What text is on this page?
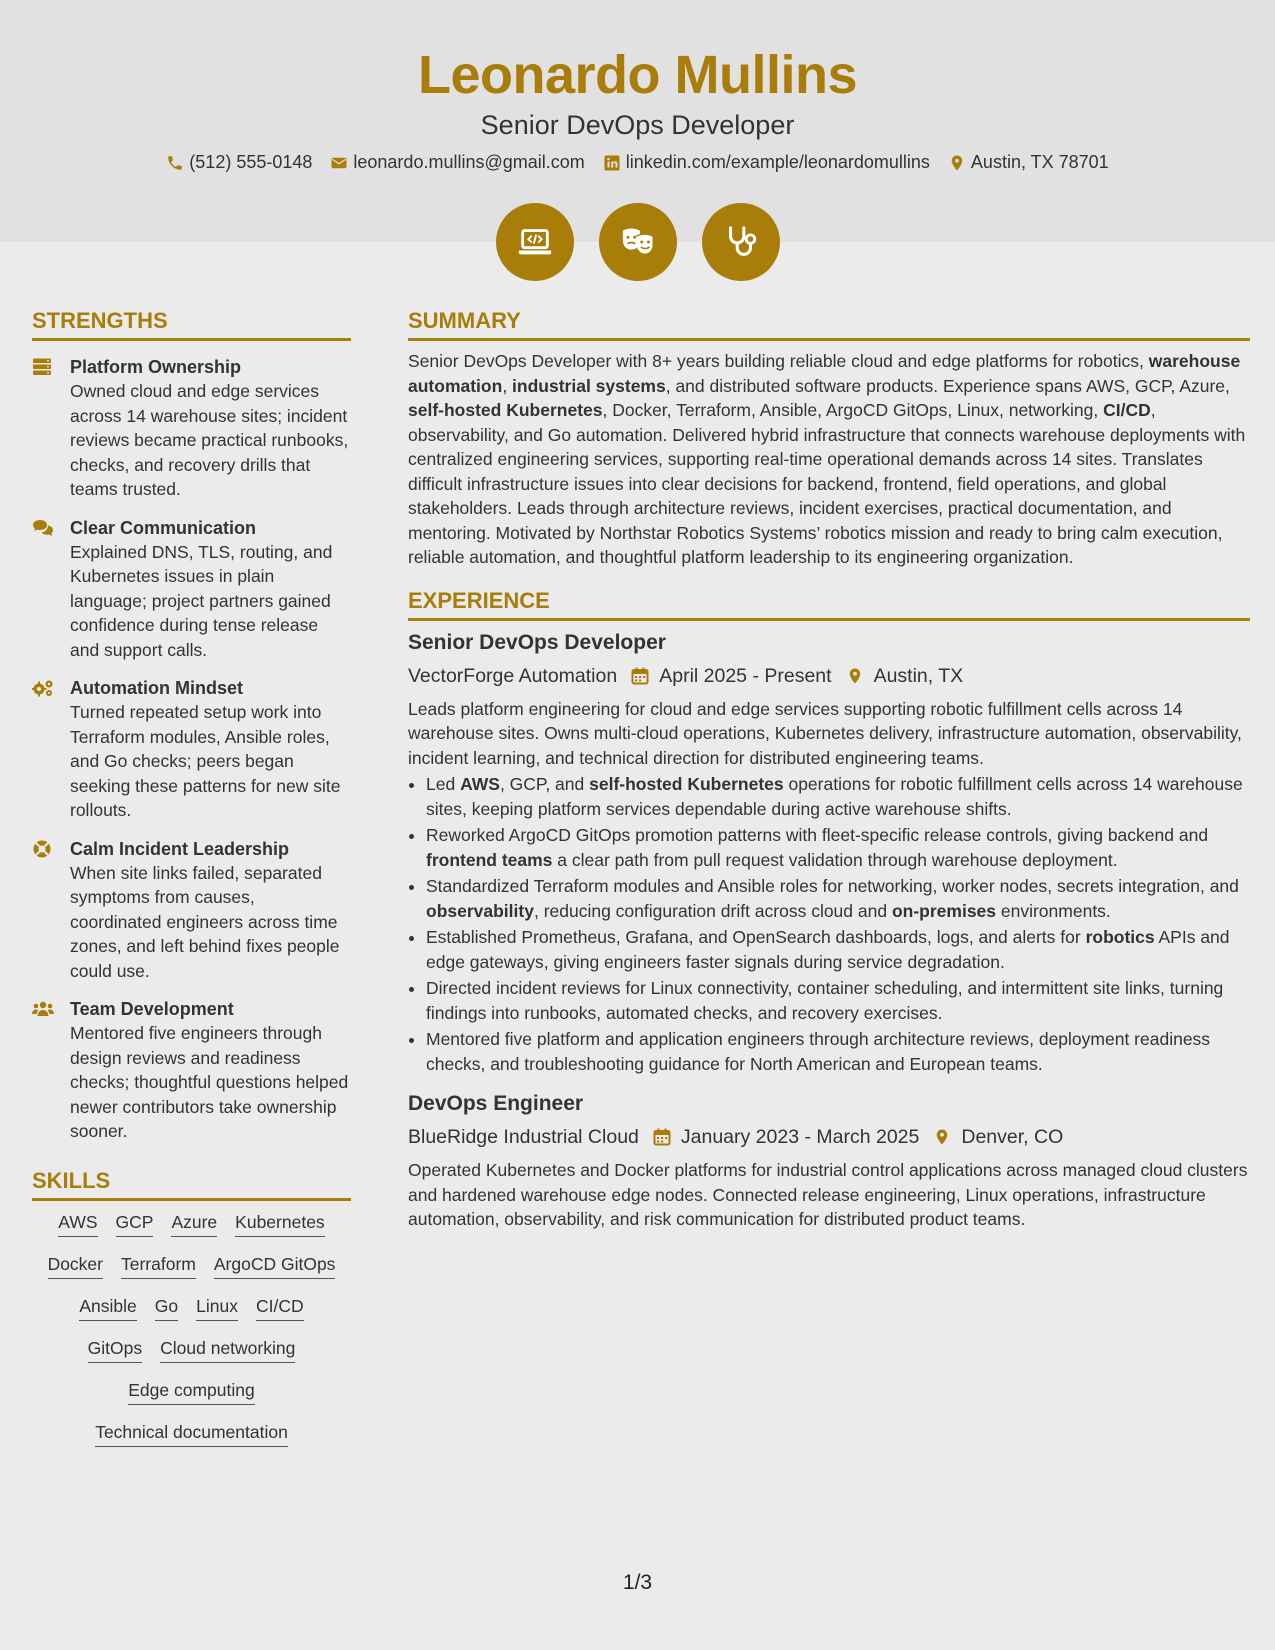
Leonardo Mullins
Senior DevOps Developer
(512) 555-0148 leonardo.mullins@gmail.com linkedin.com/example/leonardomullins Austin, TX 78701
STRENGTHS
Platform Ownership
Owned cloud and edge services across 14 warehouse sites; incident reviews became practical runbooks, checks, and recovery drills that teams trusted.
Clear Communication
Explained DNS, TLS, routing, and Kubernetes issues in plain language; project partners gained confidence during tense release and support calls.
Automation Mindset
Turned repeated setup work into Terraform modules, Ansible roles, and Go checks; peers began seeking these patterns for new site rollouts.
Calm Incident Leadership
When site links failed, separated symptoms from causes, coordinated engineers across time zones, and left behind fixes people could use.
Team Development
Mentored five engineers through design reviews and readiness checks; thoughtful questions helped newer contributors take ownership sooner.
SKILLS
AWS GCP Azure Kubernetes
Docker Terraform ArgoCD GitOps
Ansible Go Linux CI/CD
GitOps Cloud networking
Edge computing
Technical documentation
SUMMARY
Senior DevOps Developer with 8+ years building reliable cloud and edge platforms for robotics, warehouse automation, industrial systems, and distributed software products. Experience spans AWS, GCP, Azure, self-hosted Kubernetes, Docker, Terraform, Ansible, ArgoCD GitOps, Linux, networking, CI/CD, observability, and Go automation. Delivered hybrid infrastructure that connects warehouse deployments with centralized engineering services, supporting real-time operational demands across 14 sites. Translates difficult infrastructure issues into clear decisions for backend, frontend, field operations, and global stakeholders. Leads through architecture reviews, incident exercises, practical documentation, and mentoring. Motivated by Northstar Robotics Systems’ robotics mission and ready to bring calm execution, reliable automation, and thoughtful platform leadership to its engineering organization.
EXPERIENCE
Senior DevOps Developer
VectorForge Automation April 2025 - Present Austin, TX
Leads platform engineering for cloud and edge services supporting robotic fulfillment cells across 14 warehouse sites. Owns multi-cloud operations, Kubernetes delivery, infrastructure automation, observability, incident learning, and technical direction for distributed engineering teams.
• Led AWS, GCP, and self-hosted Kubernetes operations for robotic fulfillment cells across 14 warehouse sites, keeping platform services dependable during active warehouse shifts.
• Reworked ArgoCD GitOps promotion patterns with fleet-specific release controls, giving backend and frontend teams a clear path from pull request validation through warehouse deployment.
• Standardized Terraform modules and Ansible roles for networking, worker nodes, secrets integration, and observability, reducing configuration drift across cloud and on-premises environments.
• Established Prometheus, Grafana, and OpenSearch dashboards, logs, and alerts for robotics APIs and edge gateways, giving engineers faster signals during service degradation.
• Directed incident reviews for Linux connectivity, container scheduling, and intermittent site links, turning findings into runbooks, automated checks, and recovery exercises.
• Mentored five platform and application engineers through architecture reviews, deployment readiness checks, and troubleshooting guidance for North American and European teams.
DevOps Engineer
BlueRidge Industrial Cloud January 2023 - March 2025 Denver, CO
Operated Kubernetes and Docker platforms for industrial control applications across managed cloud clusters and hardened warehouse edge nodes. Connected release engineering, Linux operations, infrastructure automation, observability, and risk communication for distributed product teams.
1/3
